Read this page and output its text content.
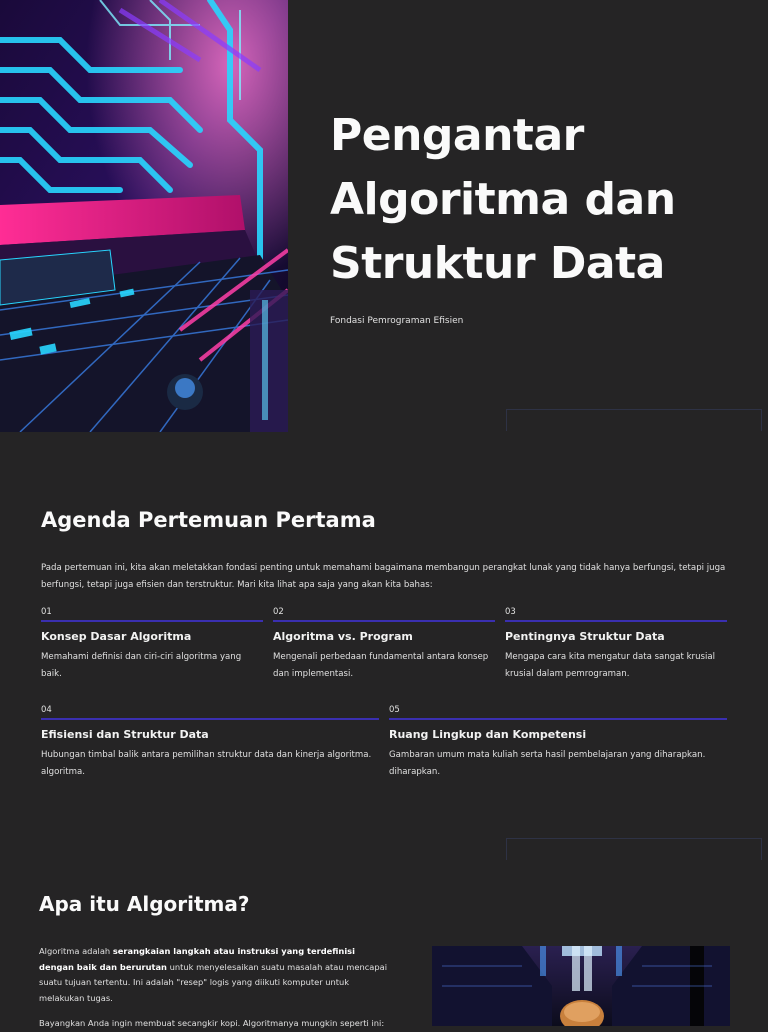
Pengantar Algoritma dan Struktur Data
Fondasi Pemrograman Efisien
Agenda Pertemuan Pertama

Pada pertemuan ini, kita akan meletakkan fondasi penting untuk memahami bagaimana membangun perangkat lunak yang tidak hanya berfungsi, tetapi juga berfungsi, tetapi juga efisien dan terstruktur. Mari kita lihat apa saja yang akan kita bahas:

01
Konsep Dasar Algoritma
Memahami definisi dan ciri-ciri algoritma yang baik.
02
Algoritma vs. Program
Mengenali perbedaan fundamental antara konsep dan implementasi.
03
Pentingnya Struktur Data
Mengapa cara kita mengatur data sangat krusial krusial dalam pemrograman.
04
Efisiensi dan Struktur Data
Hubungan timbal balik antara pemilihan struktur data dan kinerja algoritma. algoritma.
05
Ruang Lingkup dan Kompetensi
Gambaran umum mata kuliah serta hasil pembelajaran yang diharapkan. diharapkan.
Apa itu Algoritma?

Algoritma adalah serangkaian langkah atau instruksi yang terdefinisi dengan baik dan berurutan untuk menyelesaikan suatu masalah atau mencapai suatu tujuan tertentu. Ini adalah "resep" logis yang diikuti komputer untuk melakukan tugas.

Bayangkan Anda ingin membuat secangkir kopi. Algoritmanya mungkin seperti ini:
